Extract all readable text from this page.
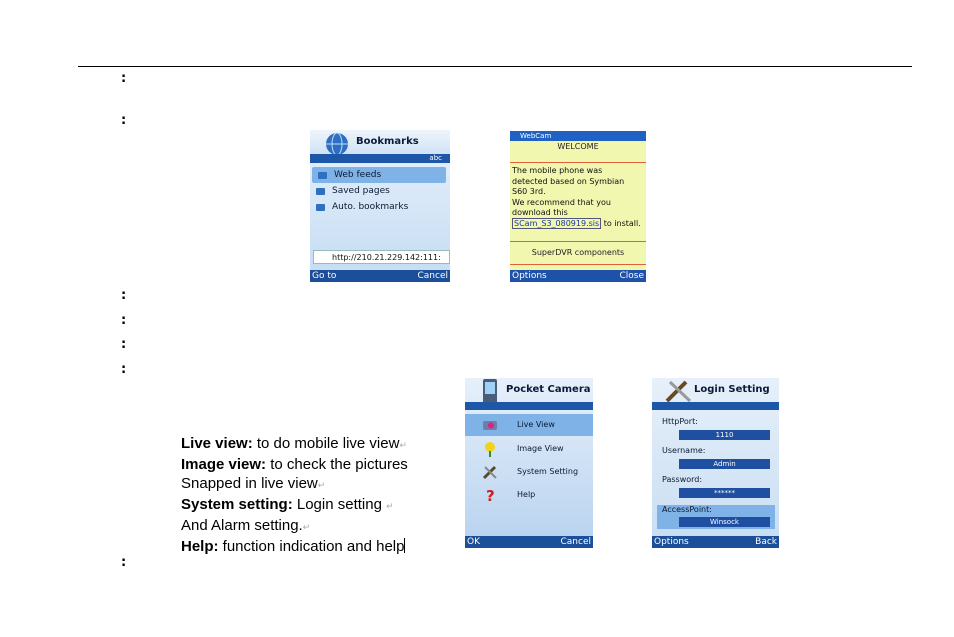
:
:
:
:
:
:
:
Bookmarks
abc
Web feeds
Saved pages
Auto. bookmarks
http://210.21.229.142:111:
Go to	Cancel
WebCam
WELCOME
The mobile phone was
detected based on Symbian
S60 3rd.
We recommend that you
download this
SCam_S3_080919.sis to install.
SuperDVR components
Options	Close
Pocket Camera
Live View
Image View
System Setting
?	Help
OK	Cancel
Login Setting
HttpPort:
1110
Username:
Admin
Password:
******
AccessPoint:
Winsock
Options	Back
Live view: to do mobile live view↵
Image view: to check the pictures
Snapped in live view↵
System setting: Login setting ↵
And Alarm setting.↵
Help: function indication and help
